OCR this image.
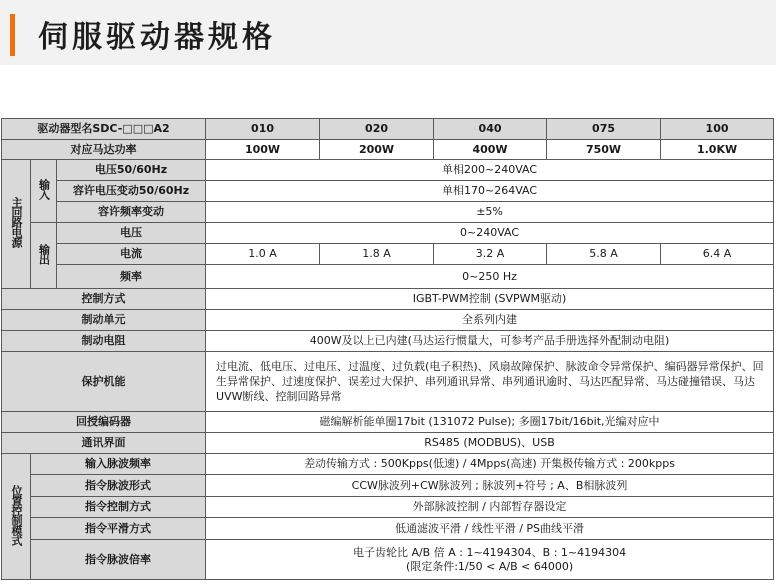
伺服驱动器规格
驱动器型名SDC-□□□A2			010	020	040	075	100
对应马达功率			100W	200W	400W	750W	1.0KW
主回路电源	输入	电压50/60Hz	单相200~240VAC				
		容许电压变动50/60Hz	单相170~264VAC				
		容许频率变动	±5%				
	输出	电压	0~240VAC				
		电流	1.0 A	1.8 A	3.2 A	5.8 A	6.4 A
		频率	0~250 Hz				
控制方式			IGBT-PWM控制 (SVPWM驱动)				
制动单元			全系列内建				
制动电阻			400W及以上已内建(马达运行惯量大，可参考产品手册选择外配制动电阻)				
保护机能			过电流、低电压、过电压、过温度、过负载(电子积热)、风扇故障保护、脉波命令异常保护、编码器异常保护、回生异常保护、过速度保护、误差过大保护、串列通讯异常、串列通讯逾时、马达匹配异常、马达碰撞错误、马达UVW断线、控制回路异常				
回授编码器			磁编解析能单圈17bit (131072 Pulse); 多圈17bit/16bit,光编对应中				
通讯界面			RS485 (MODBUS)、USB				
位置控制模式	输入脉波频率		差动传输方式 : 500Kpps(低速) / 4Mpps(高速) 开集极传输方式 : 200kpps				
	指令脉波形式		CCW脉波列+CW脉波列 ; 脉波列+符号 ; A、B相脉波列				
	指令控制方式		外部脉波控制 / 内部暂存器设定				
	指令平滑方式		低通滤波平滑 / 线性平滑 / PS曲线平滑				
	指令脉波倍率		电子齿轮比 A/B 倍 A : 1~4194304、B : 1~4194304
(限定条件:1/50 < A/B < 64000)				
